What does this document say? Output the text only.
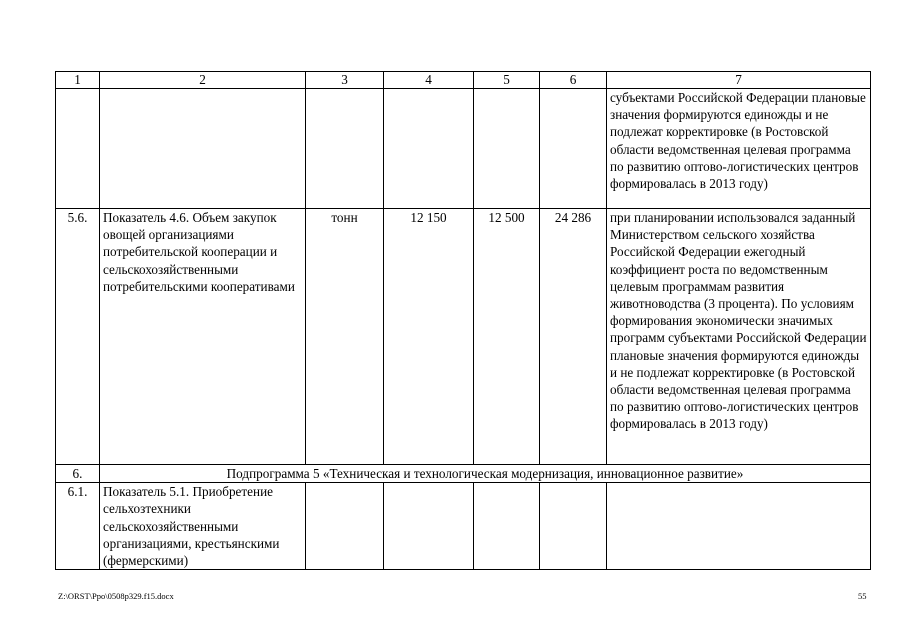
1	2	3	4	5	6	7
						субъектами Российской Федерации плановые значения формируются единожды и не подлежат корректировке (в Ростовской области ведомственная целевая программа по развитию оптово-логистических центров формировалась в 2013 году)
5.6.	Показатель 4.6. Объем закупок овощей организациями потребительской кооперации и сельскохозяйственными потребительскими кооперативами	тонн	12 150	12 500	24 286	при планировании использовался заданный Министерством сельского хозяйства Российской Федерации ежегодный коэффициент роста по ведомственным целевым программам развития животноводства (3 процента). По условиям формирования экономически значимых программ субъектами Российской Федерации плановые значения формируются единожды и не подлежат корректировке (в Ростовской области ведомственная целевая программа по развитию оптово-логистических центров формировалась в 2013 году)
6.	Подпрограмма 5 «Техническая и технологическая модернизация, инновационное развитие»					
6.1.	Показатель 5.1. Приобретение сельхозтехники сельскохозяйственными организациями, крестьянскими (фермерскими)					
Z:\ORST\Ppo\0508p329.f15.docx	55
